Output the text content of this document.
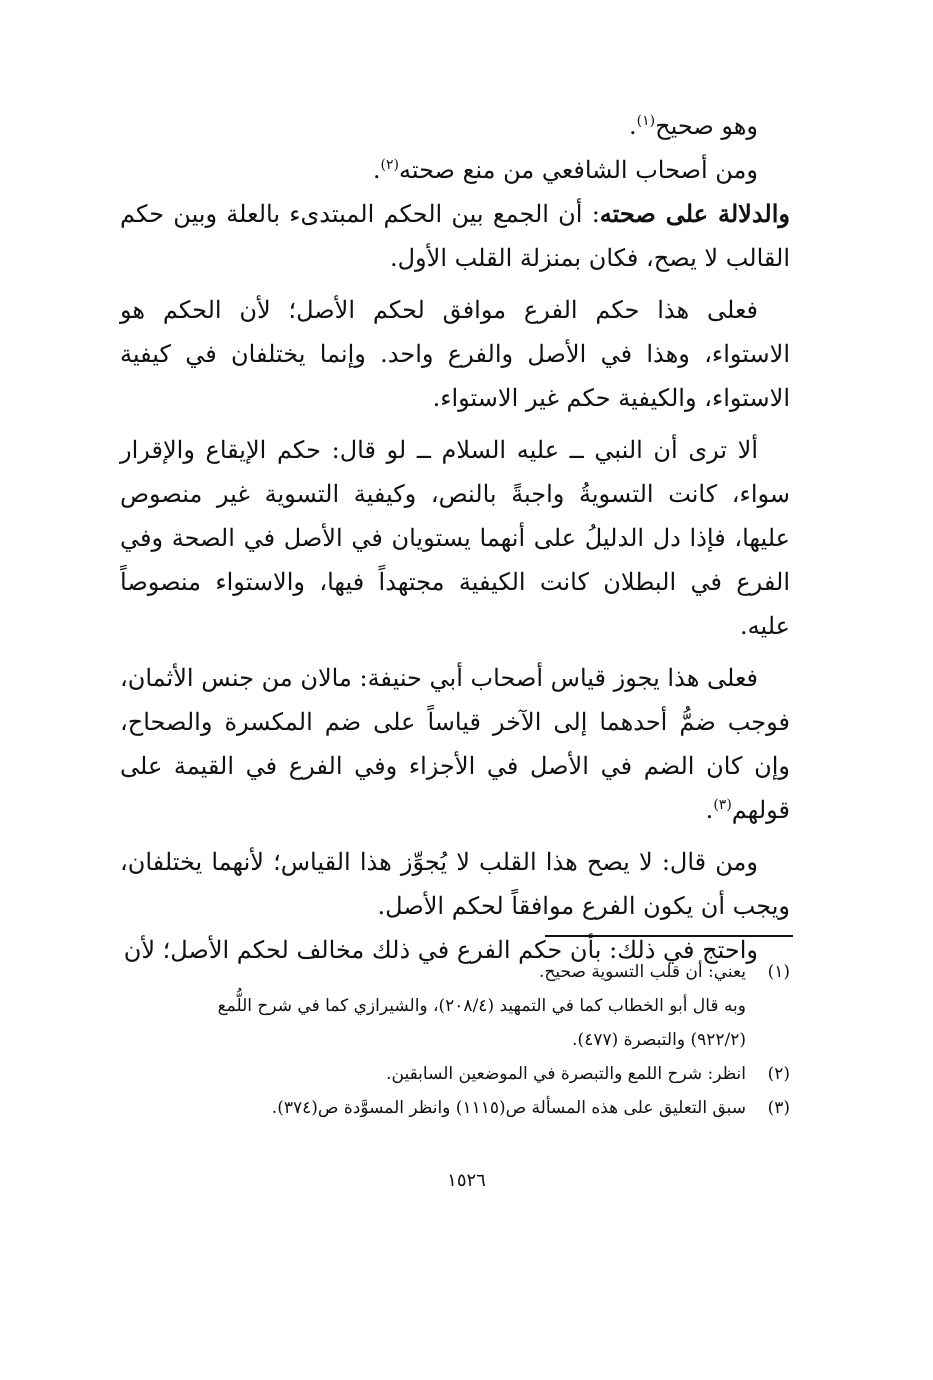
وهو صحيح$^{(١)}$.

ومن أصحاب الشافعي من منع صحته$^{(٢)}$.

والدلالة على صحته: أن الجمع بين الحكم المبتدىء بالعلة وبين حكم القالب لا يصح، فكان بمنزلة القلب الأول.

فعلى هذا حكم الفرع موافق لحكم الأصل؛ لأن الحكم هو الاستواء، وهذا في الأصل والفرع واحد. وإنما يختلفان في كيفية الاستواء، والكيفية حكم غير الاستواء.

ألا ترى أن النبي ــ عليه السلام ــ لو قال: حكم الإيقاع والإقرار سواء، كانت التسويةُ واجبةً بالنص، وكيفية التسوية غير منصوص عليها، فإذا دل الدليلُ على أنهما يستويان في الأصل في الصحة وفي الفرع في البطلان كانت الكيفية مجتهداً فيها، والاستواء منصوصاً عليه.

فعلى هذا يجوز قياس أصحاب أبي حنيفة: مالان من جنس الأثمان، فوجب ضمُّ أحدهما إلى الآخر قياساً على ضم المكسرة والصحاح، وإن كان الضم في الأصل في الأجزاء وفي الفرع في القيمة على قولهم$^{(٣)}$.

ومن قال: لا يصح هذا القلب لا يُجوِّز هذا القياس؛ لأنهما يختلفان، ويجب أن يكون الفرع موافقاً لحكم الأصل.

واحتج في ذلك: بأن حكم الفرع في ذلك مخالف لحكم الأصل؛ لأن

(١)
يعني: أن قلب التسوية صحيح.
وبه قال أبو الخطاب كما في التمهيد (٢٠٨/٤)، والشيرازي كما في شرح اللُّمع
(٩٢٢/٢) والتبصرة (٤٧٧).
(٢)
انظر: شرح اللمع والتبصرة في الموضعين السابقين.
(٣)
سبق التعليق على هذه المسألة ص(١١١٥) وانظر المسوَّدة ص(٣٧٤).
١٥٢٦
